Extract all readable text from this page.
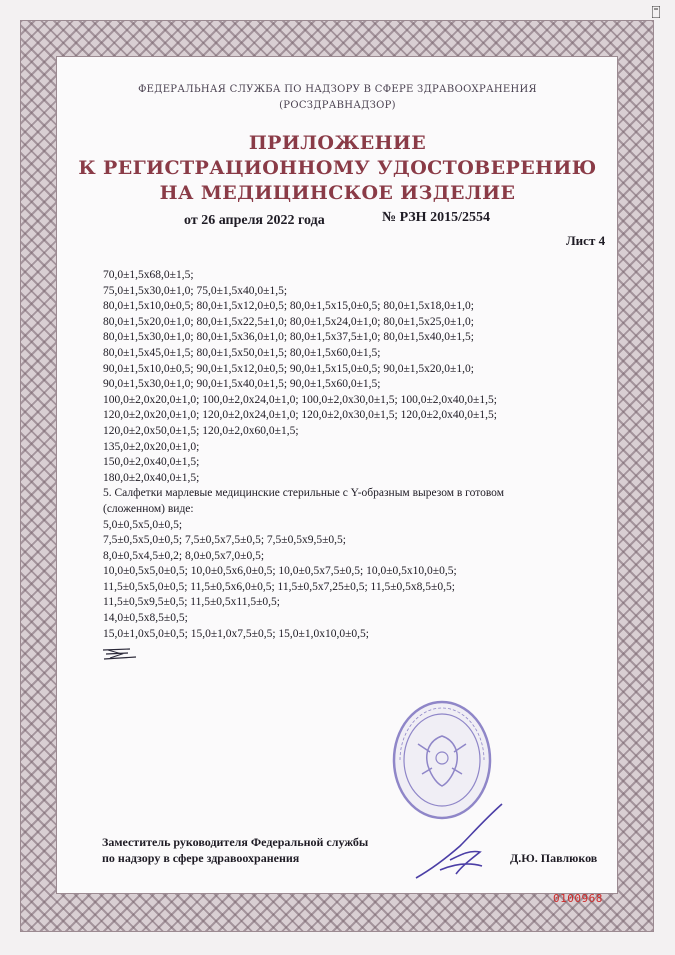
ФЕДЕРАЛЬНАЯ СЛУЖБА ПО НАДЗОРУ В СФЕРЕ ЗДРАВООХРАНЕНИЯ
(РОСЗДРАВНАДЗОР)
ПРИЛОЖЕНИЕ
К РЕГИСТРАЦИОННОМУ УДОСТОВЕРЕНИЮ
НА МЕДИЦИНСКОЕ ИЗДЕЛИЕ
от 26 апреля 2022 года	№ РЗН 2015/2554
Лист 4
70,0±1,5х68,0±1,5;
75,0±1,5х30,0±1,0; 75,0±1,5х40,0±1,5;
80,0±1,5х10,0±0,5; 80,0±1,5х12,0±0,5; 80,0±1,5х15,0±0,5; 80,0±1,5х18,0±1,0;
80,0±1,5х20,0±1,0; 80,0±1,5х22,5±1,0; 80,0±1,5х24,0±1,0; 80,0±1,5х25,0±1,0;
80,0±1,5х30,0±1,0; 80,0±1,5х36,0±1,0; 80,0±1,5х37,5±1,0; 80,0±1,5х40,0±1,5;
80,0±1,5х45,0±1,5; 80,0±1,5х50,0±1,5; 80,0±1,5х60,0±1,5;
90,0±1,5х10,0±0,5; 90,0±1,5х12,0±0,5; 90,0±1,5х15,0±0,5; 90,0±1,5х20,0±1,0;
90,0±1,5х30,0±1,0; 90,0±1,5х40,0±1,5; 90,0±1,5х60,0±1,5;
100,0±2,0х20,0±1,0; 100,0±2,0х24,0±1,0; 100,0±2,0х30,0±1,5; 100,0±2,0х40,0±1,5;
120,0±2,0х20,0±1,0; 120,0±2,0х24,0±1,0; 120,0±2,0х30,0±1,5; 120,0±2,0х40,0±1,5;
120,0±2,0х50,0±1,5; 120,0±2,0х60,0±1,5;
135,0±2,0х20,0±1,0;
150,0±2,0х40,0±1,5;
180,0±2,0х40,0±1,5;
5. Салфетки марлевые медицинские стерильные с Y-образным вырезом в готовом
(сложенном) виде:
5,0±0,5х5,0±0,5;
7,5±0,5х5,0±0,5; 7,5±0,5х7,5±0,5; 7,5±0,5х9,5±0,5;
8,0±0,5х4,5±0,2; 8,0±0,5х7,0±0,5;
10,0±0,5х5,0±0,5; 10,0±0,5х6,0±0,5; 10,0±0,5х7,5±0,5; 10,0±0,5х10,0±0,5;
11,5±0,5х5,0±0,5; 11,5±0,5х6,0±0,5; 11,5±0,5х7,25±0,5; 11,5±0,5х8,5±0,5;
11,5±0,5х9,5±0,5; 11,5±0,5х11,5±0,5;
14,0±0,5х8,5±0,5;
15,0±1,0х5,0±0,5; 15,0±1,0х7,5±0,5; 15,0±1,0х10,0±0,5;
Заместитель руководителя Федеральной службы
по надзору в сфере здравоохранения	Д.Ю. Павлюков
0100968
